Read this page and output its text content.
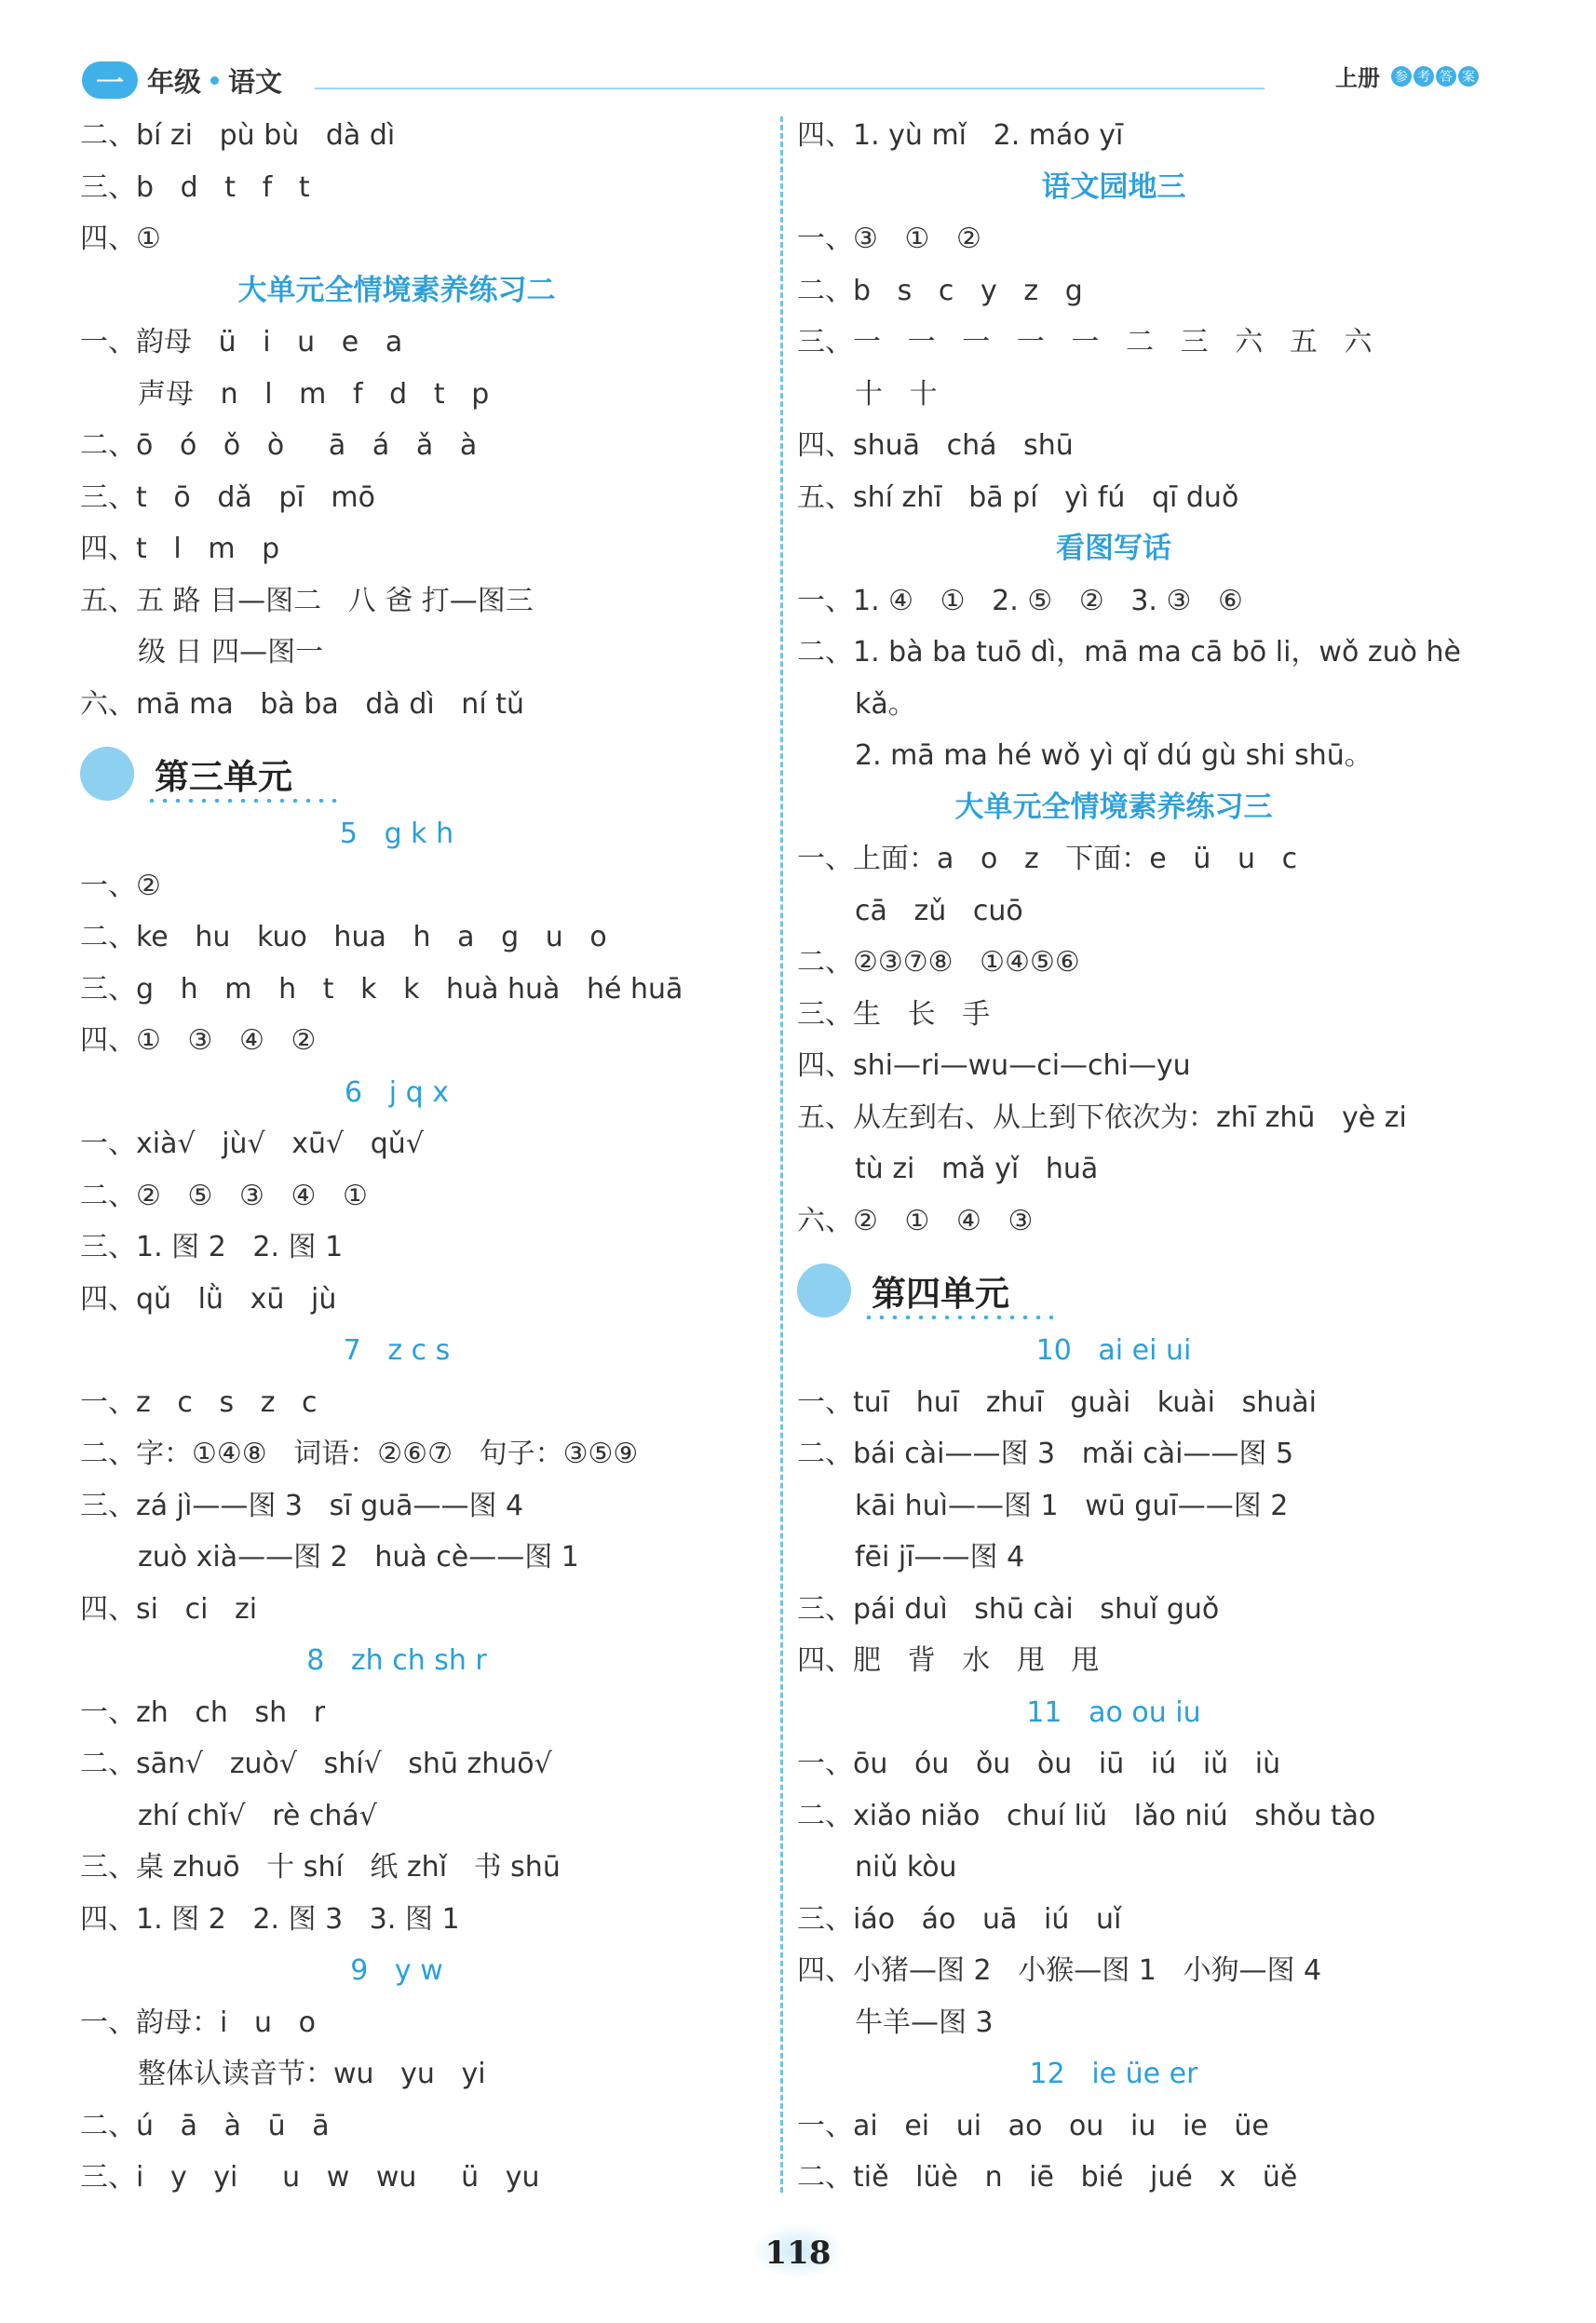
一 年级 语文	上册 参 考 答 案
二、bí zi   pù bù   dà dì
三、b   d   t   f   t
四、①
大单元全情境素养练习二
一、韵母   ü   i   u   e   a
声母   n   l   m   f   d   t   p
二、ō   ó   ǒ   ò     ā   á   ǎ   à
三、t   ō   dǎ   pī   mō
四、t   l   m   p
五、五 路 目—图二   八 爸 打—图三
级 日 四—图一
六、mā ma   bà ba   dà dì   ní tǔ
第三单元
5   g k h
一、②
二、ke   hu   kuo   hua   h   a   g   u   o
三、g   h   m   h   t   k   k   huà huà   hé huā
四、①   ③   ④   ②
6   j q x
一、xià√   jù√   xū√   qǔ√
二、②   ⑤   ③   ④   ①
三、1. 图 2   2. 图 1
四、qǔ   lǜ   xū   jù
7   z c s
一、z   c   s   z   c
二、字：①④⑧   词语：②⑥⑦   句子：③⑤⑨
三、zá jì——图 3   sī guā——图 4
zuò xià——图 2   huà cè——图 1
四、si   ci   zi
8   zh ch sh r
一、zh   ch   sh   r
二、sān√   zuò√   shí√   shū zhuō√
zhí chǐ√   rè chá√
三、桌 zhuō   十 shí   纸 zhǐ   书 shū
四、1. 图 2   2. 图 3   3. 图 1
9   y w
一、韵母：i   u   o
整体认读音节：wu   yu   yi
二、ú   ā   à   ū   ā
三、i   y   yi     u   w   wu     ü   yu
四、1. yù mǐ   2. máo yī
语文园地三
一、③   ①   ②
二、b   s   c   y   z   g
三、一   一   一   一   一   二   三   六   五   六
十   十
四、shuā   chá   shū
五、shí zhī   bā pí   yì fú   qī duǒ
看图写话
一、1. ④   ①   2. ⑤   ②   3. ③   ⑥
二、1. bà ba tuō dì，mā ma cā bō li，wǒ zuò hè
kǎ。
2. mā ma hé wǒ yì qǐ dú gù shi shū。
大单元全情境素养练习三
一、上面：a   o   z   下面：e   ü   u   c
cā   zǔ   cuō
二、②③⑦⑧   ①④⑤⑥
三、生   长   手
四、shi—ri—wu—ci—chi—yu
五、从左到右、从上到下依次为：zhī zhū   yè zi
tù zi   mǎ yǐ   huā
六、②   ①   ④   ③
第四单元
10   ai ei ui
一、tuī   huī   zhuī   guài   kuài   shuài
二、bái cài——图 3   mǎi cài——图 5
kāi huì——图 1   wū guī——图 2
fēi jī——图 4
三、pái duì   shū cài   shuǐ guǒ
四、肥   背   水   甩   甩
11   ao ou iu
一、ōu   óu   ǒu   òu   iū   iú   iǔ   iù
二、xiǎo niǎo   chuí liǔ   lǎo niú   shǒu tào
niǔ kòu
三、iáo   áo   uā   iú   uǐ
四、小猪—图 2   小猴—图 1   小狗—图 4
牛羊—图 3
12   ie üe er
一、ai   ei   ui   ao   ou   iu   ie   üe
二、tiě   lüè   n   iē   bié   jué   x   üě
118
